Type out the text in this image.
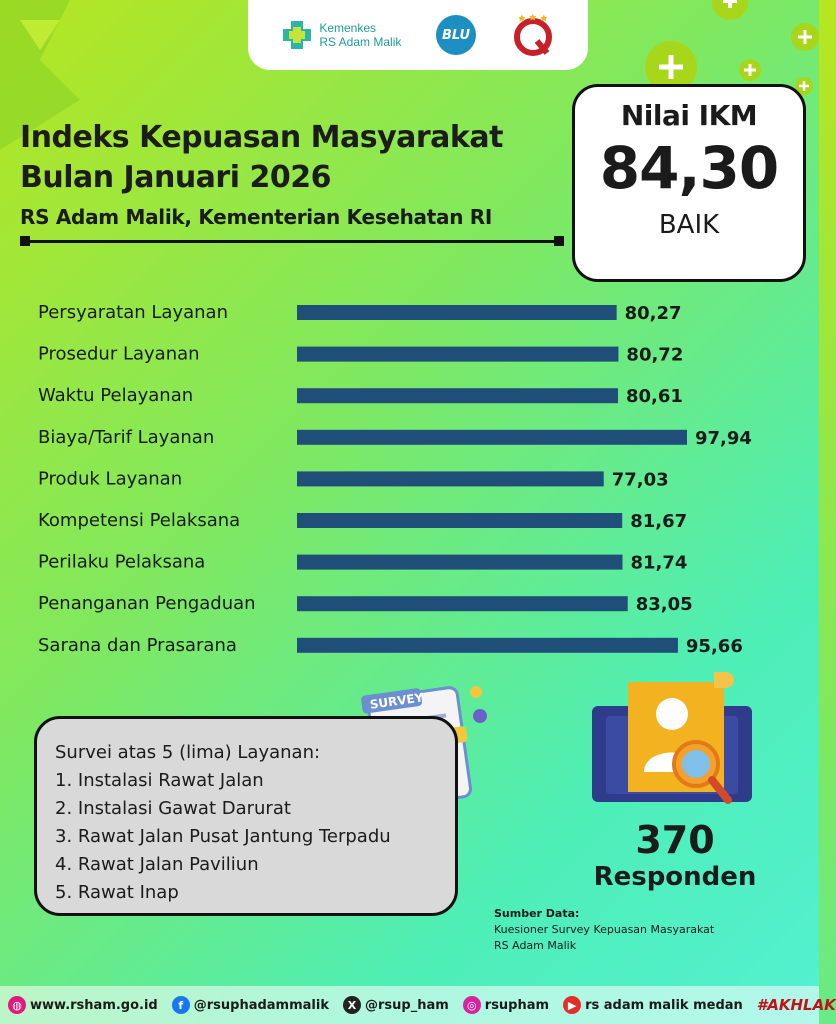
Kemenkes
RS Adam Malik	BLU
Indeks Kepuasan Masyarakat
Bulan Januari 2026
RS Adam Malik, Kementerian Kesehatan RI
Nilai IKM
84,30
BAIK
Persyaratan Layanan	80,27
Prosedur Layanan	80,72
Waktu Pelayanan	80,61
Biaya/Tarif Layanan	97,94
Produk Layanan	77,03
Kompetensi Pelaksana	81,67
Perilaku Pelaksana	81,74
Penanganan Pengaduan	83,05
Sarana dan Prasarana	95,66
SURVEY
Survei atas 5 (lima) Layanan:
1. Instalasi Rawat Jalan
2. Instalasi Gawat Darurat
3. Rawat Jalan Pusat Jantung Terpadu
4. Rawat Jalan Paviliun
5. Rawat Inap
370
Responden
Sumber Data:
Kuesioner Survey Kepuasan Masyarakat
RS Adam Malik
◍ www.rsham.go.id	f @rsuphadammalik	X @rsup_ham	◎ rsupham	▶ rs adam malik medan #AKHLAK
